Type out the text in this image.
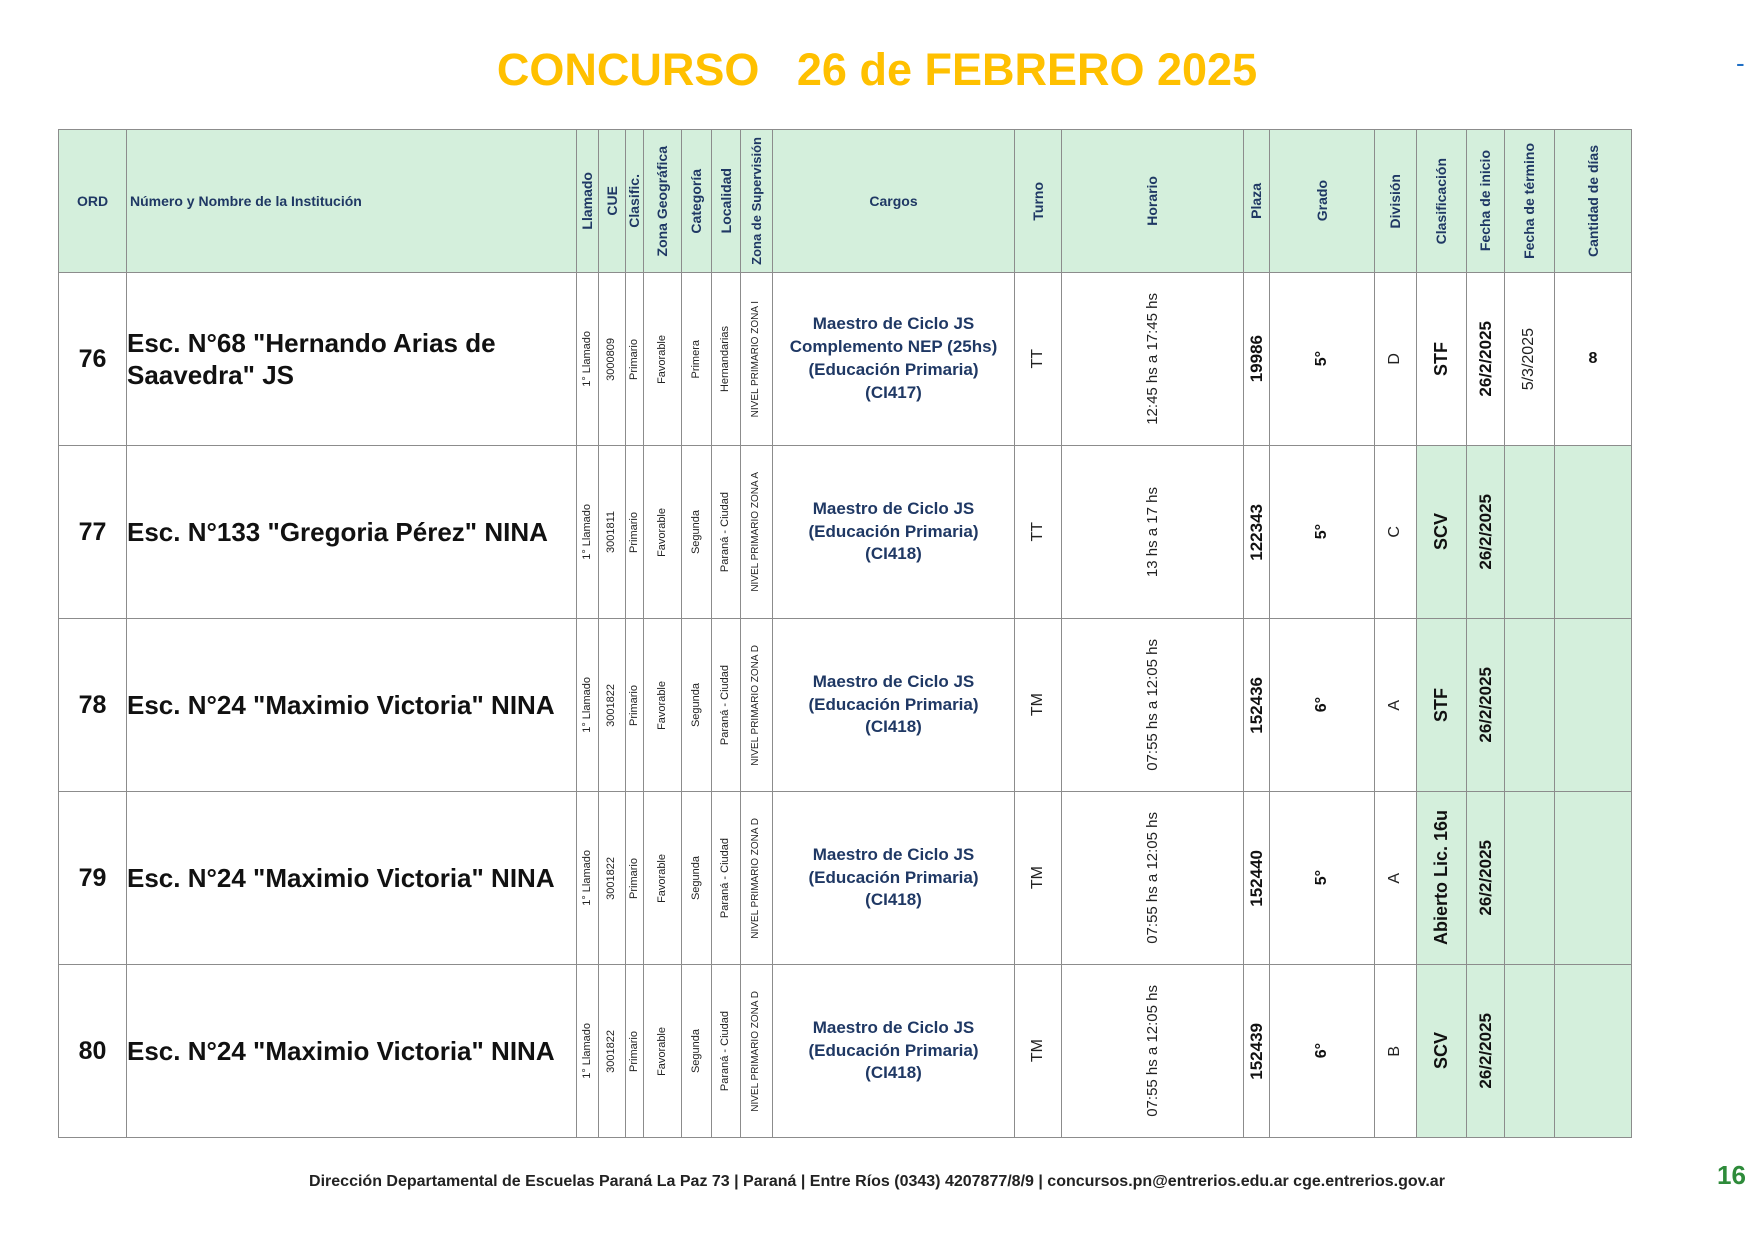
CONCURSO   26 de FEBRERO 2025	-
ORD	Número y Nombre de la Institución	Llamado	CUE	Clasific.	Zona Geográfica	Categoría	Localidad	Zona de Supervisión	Cargos	Turno	Horario	Plaza	Grado	División	Clasificación	Fecha de inicio	Fecha de término	Cantidad de días

76	Esc. N°68 "Hernando Arias de Saavedra" JS	1° Llamado	3000809	Primario	Favorable	Primera	Hernandarias	NIVEL PRIMARIO ZONA I	Maestro de Ciclo JS
Complemento NEP (25hs)
(Educación Primaria)
(CI417)	TT	12:45 hs a 17:45 hs	19986	5°	D	STF	26/2/2025	5/3/2025	8
77	Esc. N°133 "Gregoria Pérez" NINA	1° Llamado	3001811	Primario	Favorable	Segunda	Paraná - Ciudad	NIVEL PRIMARIO ZONA A	Maestro de Ciclo JS
(Educación Primaria)
(CI418)	TT	13 hs a 17 hs	122343	5°	C	SCV	26/2/2025		

78	Esc. N°24 "Maximio Victoria" NINA	1° Llamado	3001822	Primario	Favorable	Segunda	Paraná - Ciudad	NIVEL PRIMARIO ZONA D	Maestro de Ciclo JS
(Educación Primaria)
(CI418)	TM	07:55 hs a 12:05 hs	152436	6°	A	STF	26/2/2025		

79	Esc. N°24 "Maximio Victoria" NINA	1° Llamado	3001822	Primario	Favorable	Segunda	Paraná - Ciudad	NIVEL PRIMARIO ZONA D	Maestro de Ciclo JS
(Educación Primaria)
(CI418)	TM	07:55 hs a 12:05 hs	152440	5°	A	Abierto Lic. 16u	26/2/2025		

80	Esc. N°24 "Maximio Victoria" NINA	1° Llamado	3001822	Primario	Favorable	Segunda	Paraná - Ciudad	NIVEL PRIMARIO ZONA D	Maestro de Ciclo JS
(Educación Primaria)
(CI418)	TM	07:55 hs a 12:05 hs	152439	6°	B	SCV	26/2/2025		

Dirección Departamental de Escuelas Paraná La Paz 73 | Paraná | Entre Ríos (0343) 4207877/8/9 | concursos.pn@entrerios.edu.ar cge.entrerios.gov.ar	16
